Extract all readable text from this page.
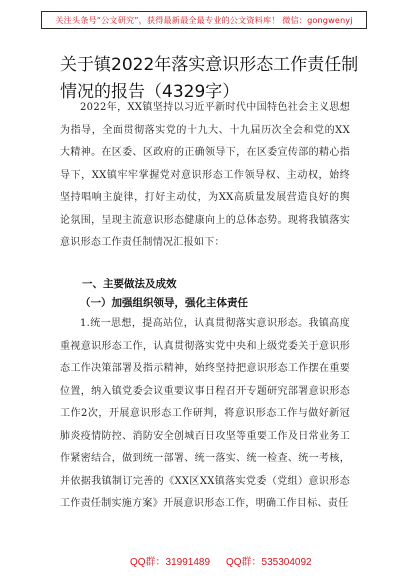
关注头条号“公文研究”，获得最新最全最专业的公文资料库！ 微信：gongwenyj
关于镇2022年落实意识形态工作责任制情况的报告（4329字）

2022年，XX镇坚持以习近平新时代中国特色社会主义思想为指导，全面贯彻落实党的十九大、十九届历次全会和党的XX大精神。在区委、区政府的正确领导下，在区委宣传部的精心指导下，XX镇牢牢掌握党对意识形态工作领导权、主动权，始终坚持唱响主旋律，打好主动仗，为XX高质量发展营造良好的舆论氛围，呈现主流意识形态健康向上的总体态势。现将我镇落实意识形态工作责任制情况汇报如下：

一、主要做法及成效

（一）加强组织领导，强化主体责任

1.统一思想，提高站位，认真贯彻落实意识形态。我镇高度重视意识形态工作，认真贯彻落实党中央和上级党委关于意识形态工作决策部署及指示精神，始终坚持把意识形态工作摆在重要位置，纳入镇党委会议重要议事日程召开专题研究部署意识形态工作2次，开展意识形态工作研判，将意识形态工作与做好新冠肺炎疫情防控、消防安全创城百日攻坚等重要工作及日常业务工作紧密结合，做到统一部署、统一落实、统一检查、统一考核，并依据我镇制订完善的《XX区XX镇落实党委（党组）意识形态工作责任制实施方案》开展意识形态工作，明确工作目标、责任

QQ群：31991489 QQ群：535304092
